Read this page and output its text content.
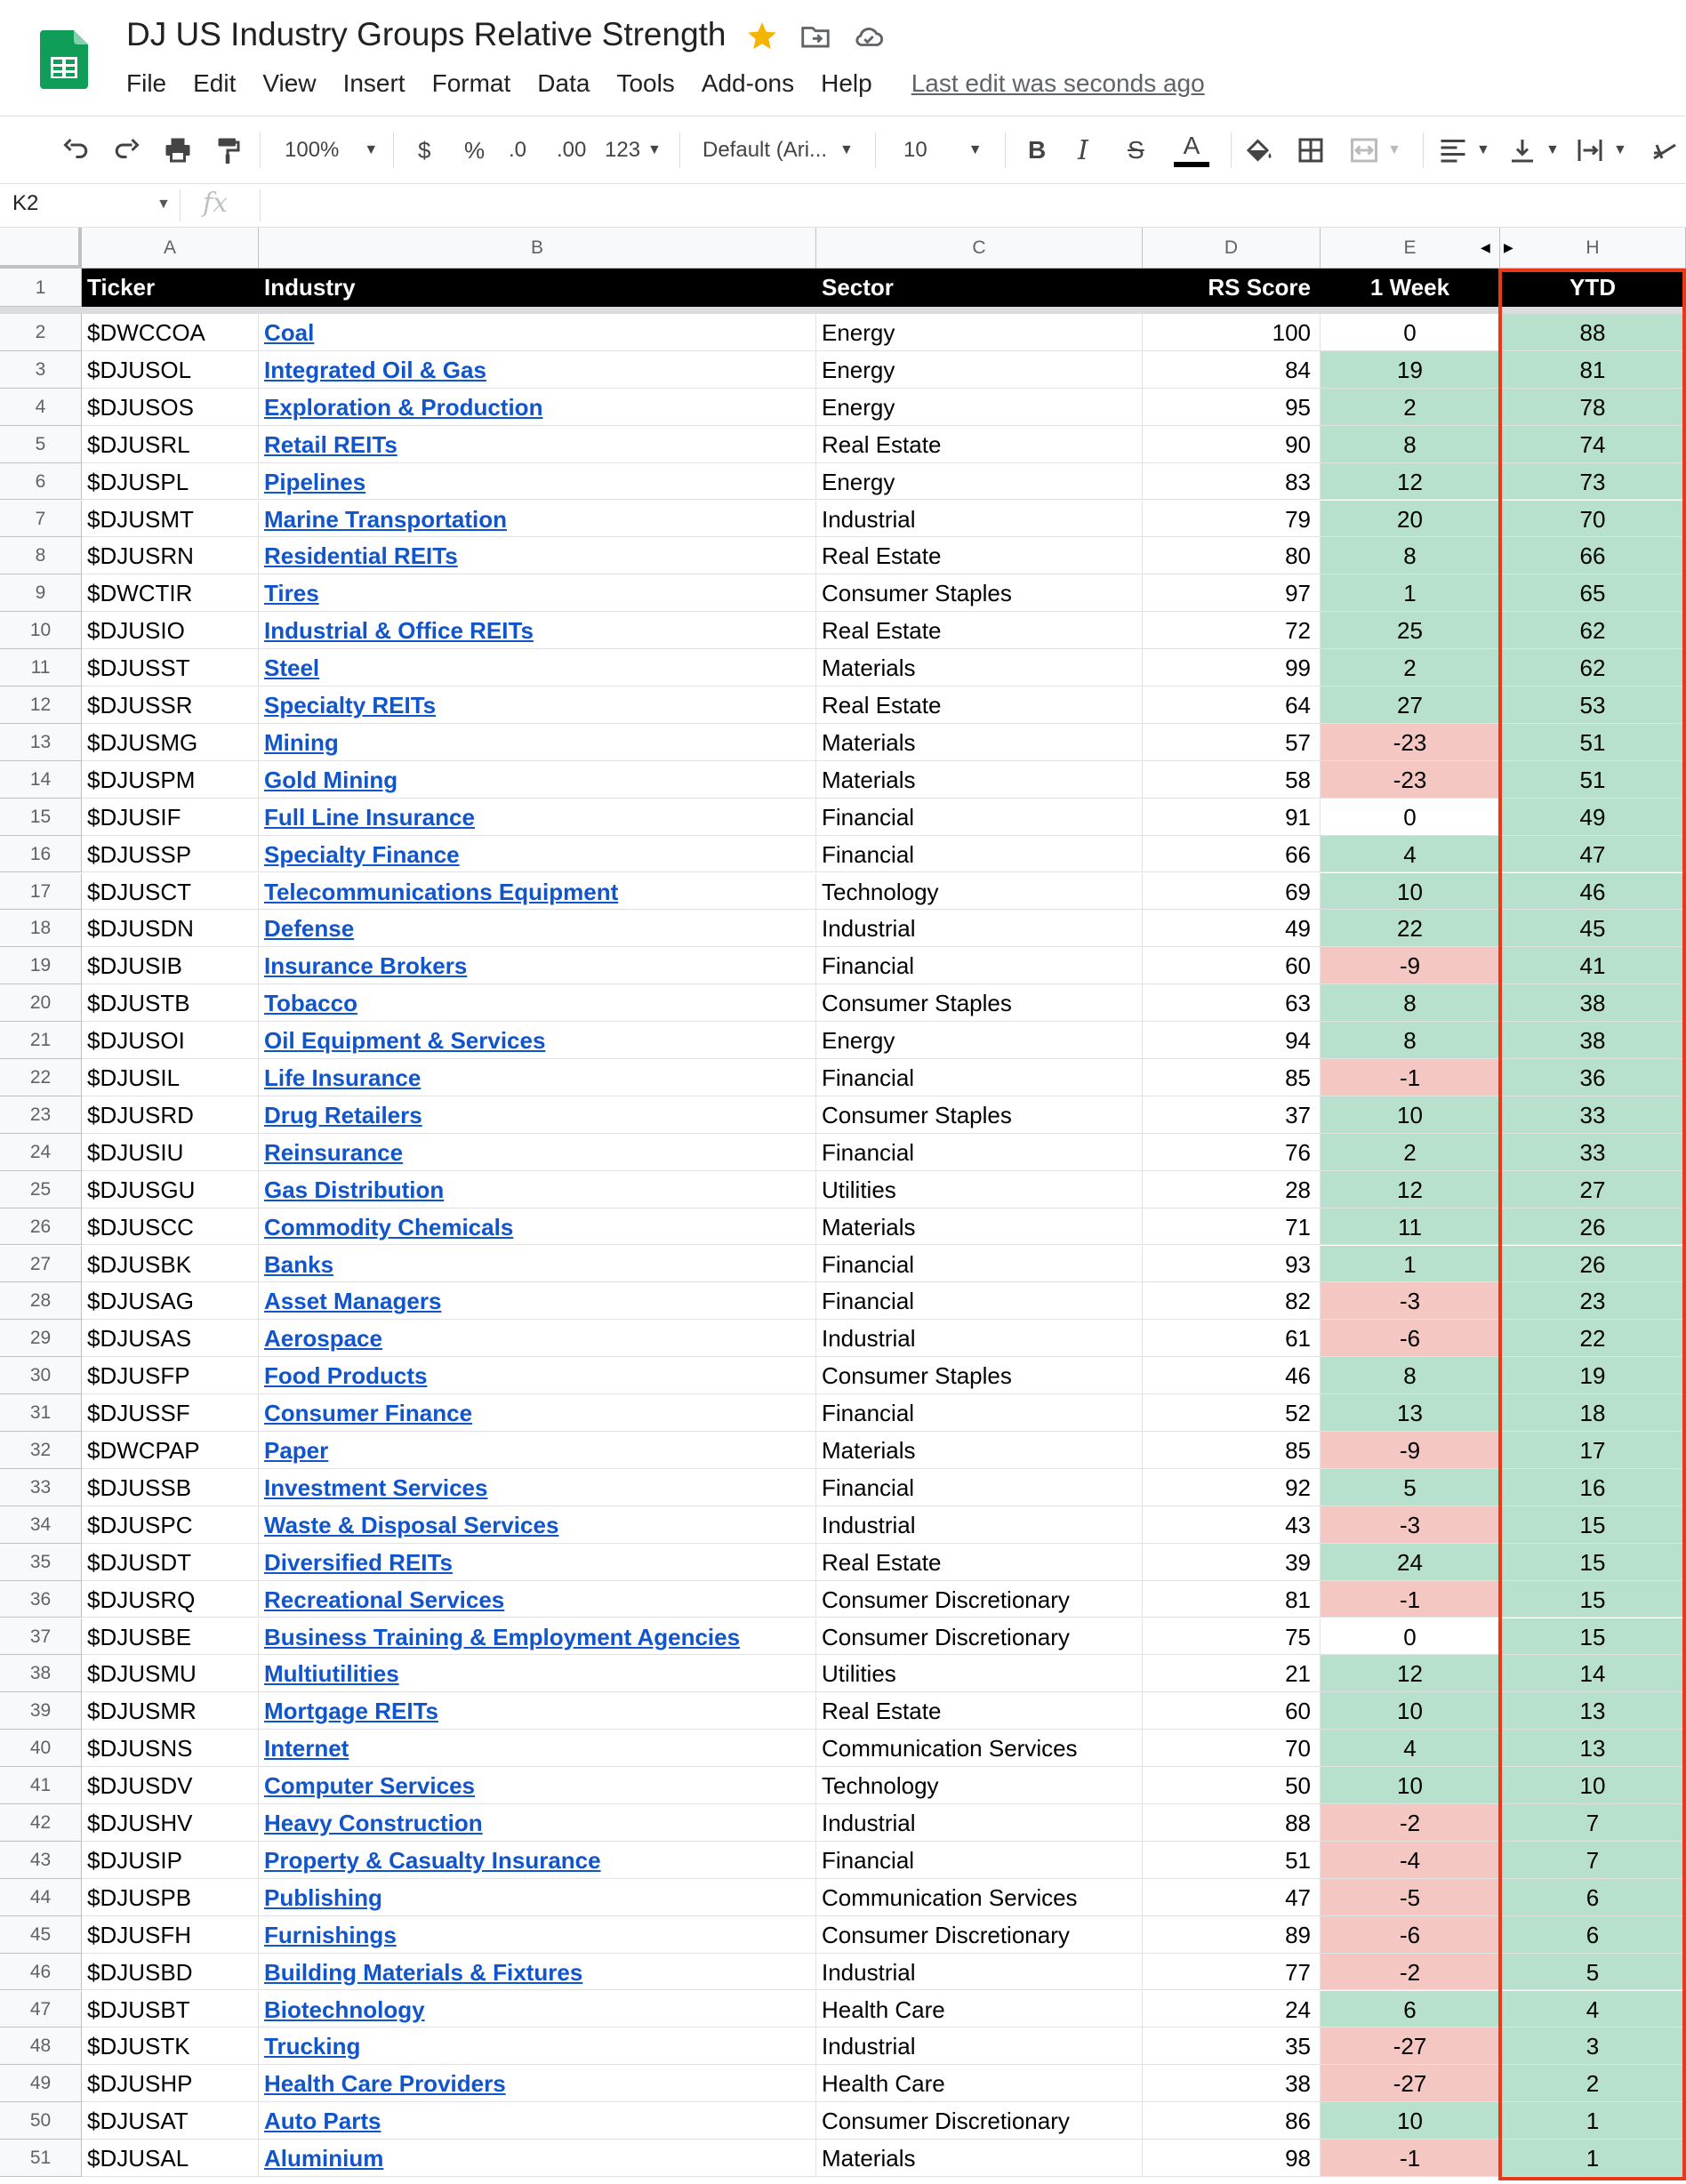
DJ US Industry Groups Relative Strength
File Edit View Insert Format Data Tools Add-ons Help Last edit was seconds ago
100% ▼ $ % .0 .00 123 ▼ Default (Ari... ▼ 10	▼ B I S A	▼	▼	▼	▼
K2	▼ fx
A	B	C	D	E	H
◀ ▶
1	Ticker	Industry	Sector	RS Score	1 Week	YTD
2	$DWCCOA	Coal	Energy	100	0	88
3	$DJUSOL	Integrated Oil & Gas	Energy	84	19	81
4	$DJUSOS	Exploration & Production	Energy	95	2	78
5	$DJUSRL	Retail REITs	Real Estate	90	8	74
6	$DJUSPL	Pipelines	Energy	83	12	73
7	$DJUSMT	Marine Transportation	Industrial	79	20	70
8	$DJUSRN	Residential REITs	Real Estate	80	8	66
9	$DWCTIR	Tires	Consumer Staples	97	1	65
10	$DJUSIO	Industrial & Office REITs	Real Estate	72	25	62
11	$DJUSST	Steel	Materials	99	2	62
12	$DJUSSR	Specialty REITs	Real Estate	64	27	53
13	$DJUSMG	Mining	Materials	57	-23	51
14	$DJUSPM	Gold Mining	Materials	58	-23	51
15	$DJUSIF	Full Line Insurance	Financial	91	0	49
16	$DJUSSP	Specialty Finance	Financial	66	4	47
17	$DJUSCT	Telecommunications Equipment	Technology	69	10	46
18	$DJUSDN	Defense	Industrial	49	22	45
19	$DJUSIB	Insurance Brokers	Financial	60	-9	41
20	$DJUSTB	Tobacco	Consumer Staples	63	8	38
21	$DJUSOI	Oil Equipment & Services	Energy	94	8	38
22	$DJUSIL	Life Insurance	Financial	85	-1	36
23	$DJUSRD	Drug Retailers	Consumer Staples	37	10	33
24	$DJUSIU	Reinsurance	Financial	76	2	33
25	$DJUSGU	Gas Distribution	Utilities	28	12	27
26	$DJUSCC	Commodity Chemicals	Materials	71	11	26
27	$DJUSBK	Banks	Financial	93	1	26
28	$DJUSAG	Asset Managers	Financial	82	-3	23
29	$DJUSAS	Aerospace	Industrial	61	-6	22
30	$DJUSFP	Food Products	Consumer Staples	46	8	19
31	$DJUSSF	Consumer Finance	Financial	52	13	18
32	$DWCPAP	Paper	Materials	85	-9	17
33	$DJUSSB	Investment Services	Financial	92	5	16
34	$DJUSPC	Waste & Disposal Services	Industrial	43	-3	15
35	$DJUSDT	Diversified REITs	Real Estate	39	24	15
36	$DJUSRQ	Recreational Services	Consumer Discretionary	81	-1	15
37	$DJUSBE	Business Training & Employment Agencies	Consumer Discretionary	75	0	15
38	$DJUSMU	Multiutilities	Utilities	21	12	14
39	$DJUSMR	Mortgage REITs	Real Estate	60	10	13
40	$DJUSNS	Internet	Communication Services	70	4	13
41	$DJUSDV	Computer Services	Technology	50	10	10
42	$DJUSHV	Heavy Construction	Industrial	88	-2	7
43	$DJUSIP	Property & Casualty Insurance	Financial	51	-4	7
44	$DJUSPB	Publishing	Communication Services	47	-5	6
45	$DJUSFH	Furnishings	Consumer Discretionary	89	-6	6
46	$DJUSBD	Building Materials & Fixtures	Industrial	77	-2	5
47	$DJUSBT	Biotechnology	Health Care	24	6	4
48	$DJUSTK	Trucking	Industrial	35	-27	3
49	$DJUSHP	Health Care Providers	Health Care	38	-27	2
50	$DJUSAT	Auto Parts	Consumer Discretionary	86	10	1
51	$DJUSAL	Aluminium	Materials	98	-1	1
